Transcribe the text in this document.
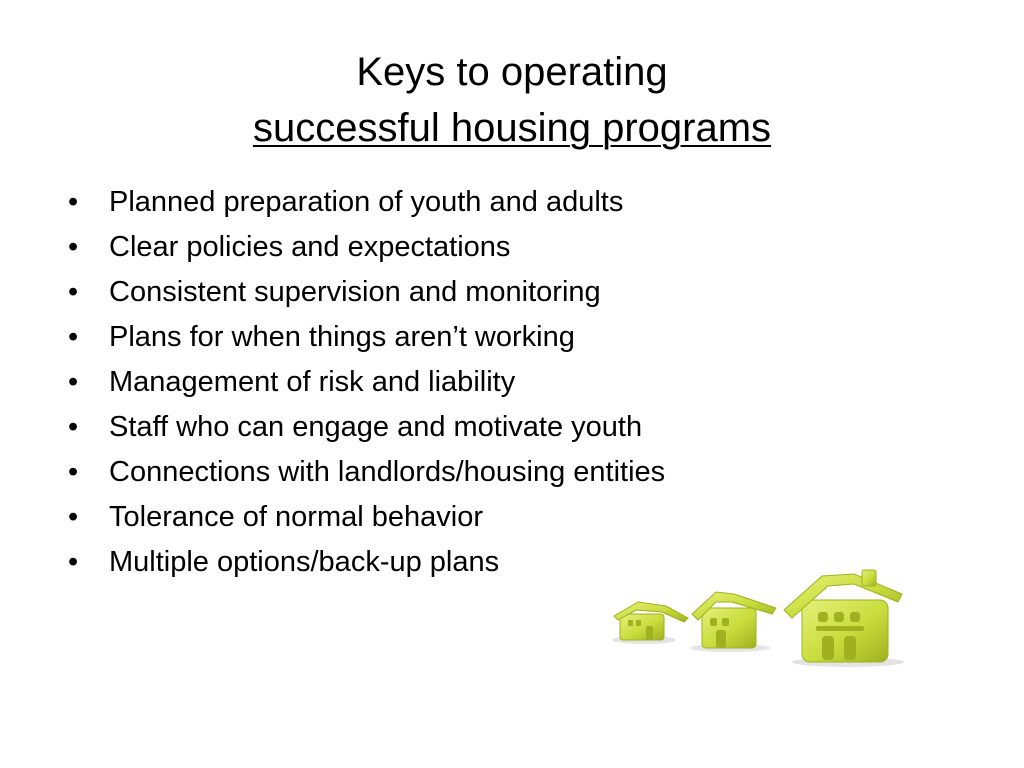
Keys to operating
successful housing programs
•	Planned preparation of youth and adults
•	Clear policies and expectations
•	Consistent supervision and monitoring
•	Plans for when things aren’t working
•	Management of risk and liability
•	Staff who can engage and motivate youth
•	Connections with landlords/housing entities
•	Tolerance of normal behavior
•	Multiple options/back-up plans
